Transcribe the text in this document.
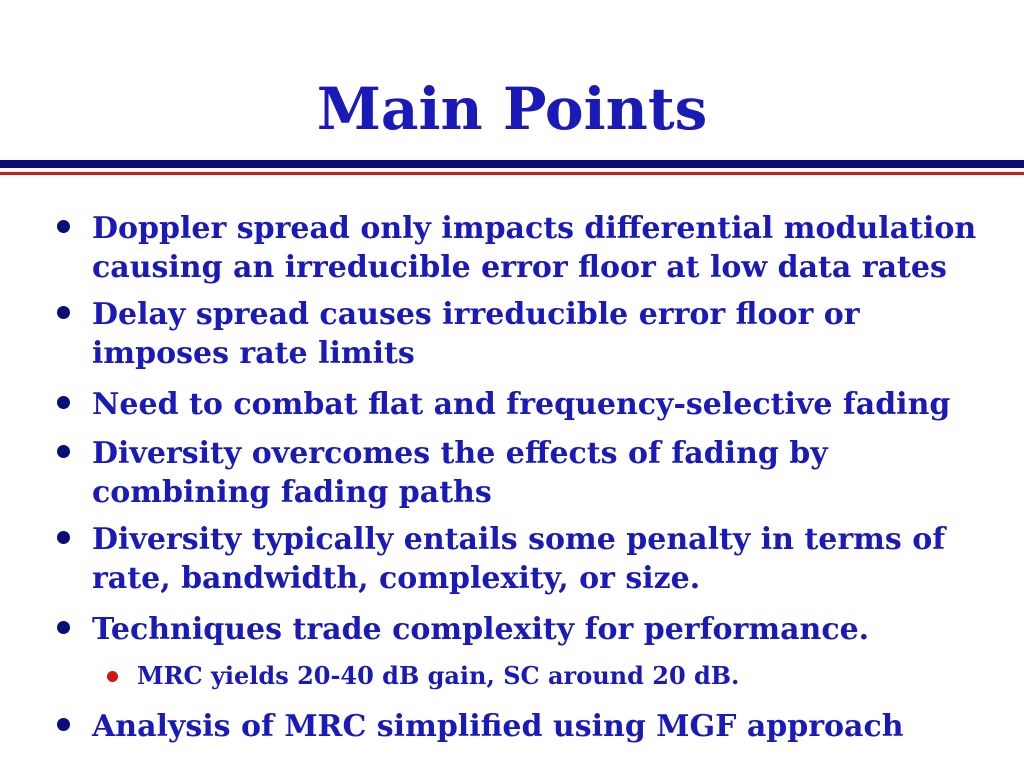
Main Points
Doppler spread only impacts differential modulation
causing an irreducible error floor at low data rates
Delay spread causes irreducible error floor or
imposes rate limits
Need to combat flat and frequency-selective fading
Diversity overcomes the effects of fading by
combining fading paths
Diversity typically entails some penalty in terms of
rate, bandwidth, complexity, or size.
Techniques trade complexity for performance.
MRC yields 20-40 dB gain, SC around 20 dB.
Analysis of MRC simplified using MGF approach
